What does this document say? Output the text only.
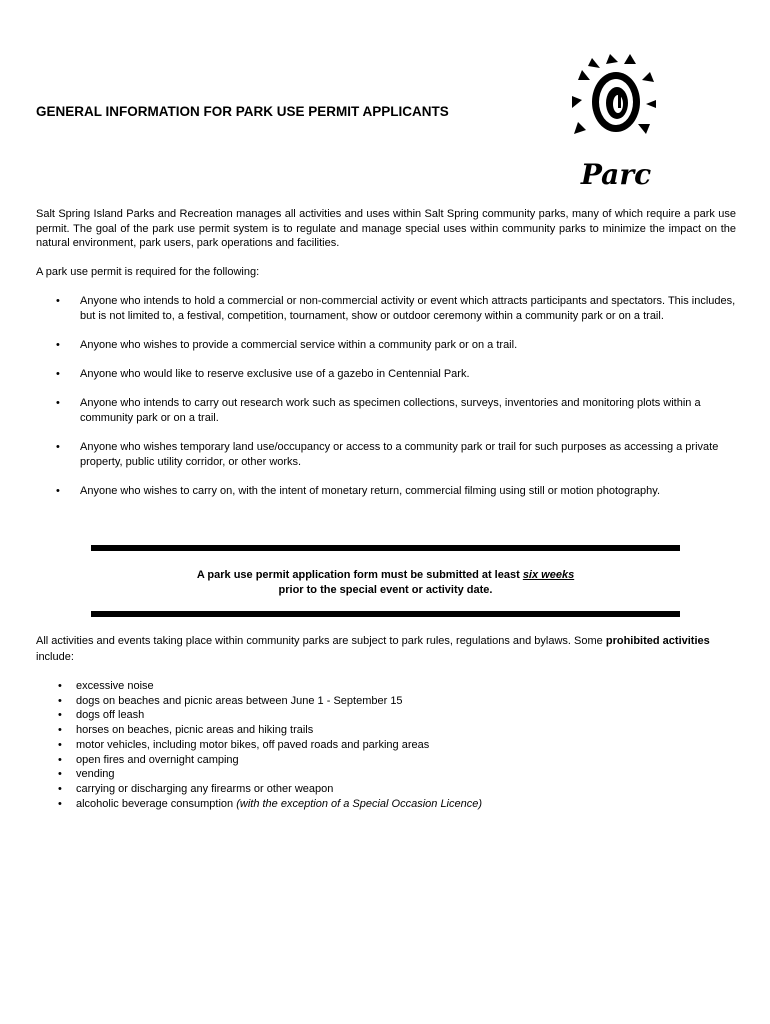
GENERAL INFORMATION FOR PARK USE PERMIT APPLICANTS
Parc

Salt Spring Island Parks and Recreation manages all activities and uses within Salt Spring community parks, many of which require a park use permit. The goal of the park use permit system is to regulate and manage special uses within community parks to minimize the impact on the natural environment, park users, park operations and facilities.

A park use permit is required for the following:

• Anyone who intends to hold a commercial or non-commercial activity or event which attracts participants and spectators. This includes, but is not limited to, a festival, competition, tournament, show or outdoor ceremony within a community park or on a trail.
• Anyone who wishes to provide a commercial service within a community park or on a trail.
• Anyone who would like to reserve exclusive use of a gazebo in Centennial Park.
• Anyone who intends to carry out research work such as specimen collections, surveys, inventories and monitoring plots within a community park or on a trail.
• Anyone who wishes temporary land use/occupancy or access to a community park or trail for such purposes as accessing a private property, public utility corridor, or other works.
• Anyone who wishes to carry on, with the intent of monetary return, commercial filming using still or motion photography.

A park use permit application form must be submitted at least six weeks
prior to the special event or activity date.

All activities and events taking place within community parks are subject to park rules, regulations and bylaws. Some prohibited activities include:

• excessive noise
• dogs on beaches and picnic areas between June 1 - September 15
• dogs off leash
• horses on beaches, picnic areas and hiking trails
• motor vehicles, including motor bikes, off paved roads and parking areas
• open fires and overnight camping
• vending
• carrying or discharging any firearms or other weapon
• alcoholic beverage consumption (with the exception of a Special Occasion Licence)
